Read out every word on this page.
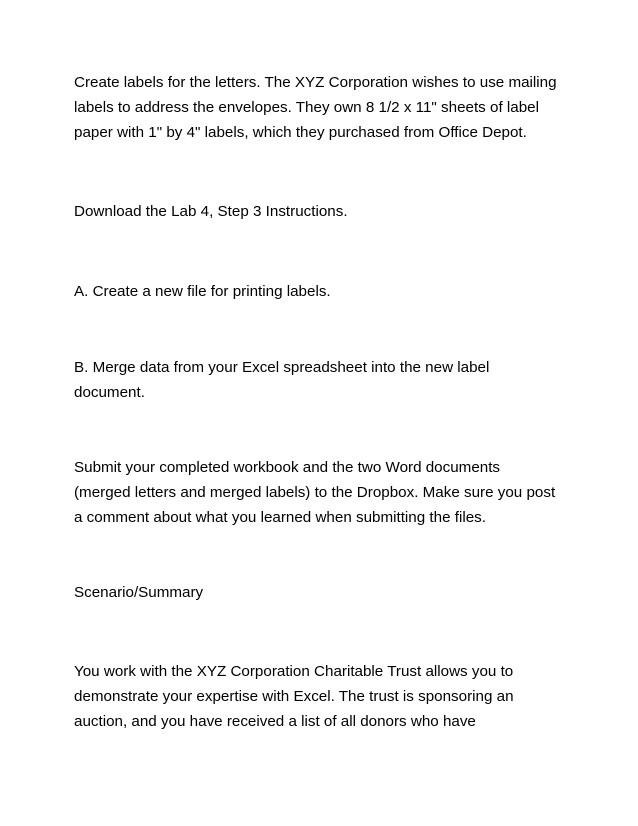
Create labels for the letters. The XYZ Corporation wishes to use mailing
labels to address the envelopes. They own 8 1/2 x 11" sheets of label
paper with 1" by 4" labels, which they purchased from Office Depot.

Download the Lab 4, Step 3 Instructions.

A. Create a new file for printing labels.

B. Merge data from your Excel spreadsheet into the new label
document.

Submit your completed workbook and the two Word documents
(merged letters and merged labels) to the Dropbox. Make sure you post
a comment about what you learned when submitting the files.

Scenario/Summary

You work with the XYZ Corporation Charitable Trust allows you to
demonstrate your expertise with Excel. The trust is sponsoring an
auction, and you have received a list of all donors who have
